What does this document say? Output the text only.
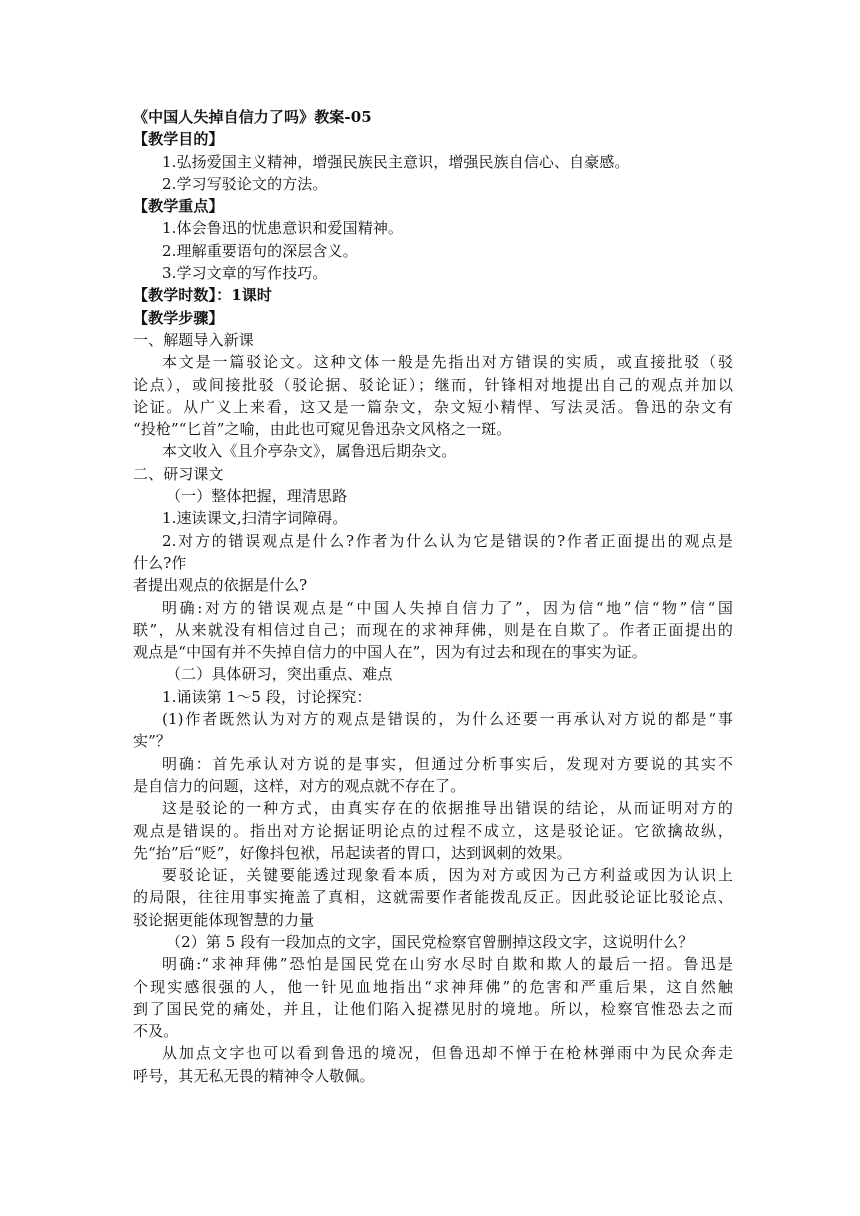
《中国人失掉自信力了吗》教案-05
【教学目的】
1.弘扬爱国主义精神，增强民族民主意识，增强民族自信心、自豪感。
2.学习写驳论文的方法。
【教学重点】
1.体会鲁迅的忧患意识和爱国精神。
2.理解重要语句的深层含义。
3.学习文章的写作技巧。
【教学时数】：1课时
【教学步骤】
一、解题导入新课
本文是一篇驳论文。这种文体一般是先指出对方错误的实质，或直接批驳（驳
论点），或间接批驳（驳论据、驳论证）；继而，针锋相对地提出自己的观点并加以
论证。从广义上来看，这又是一篇杂文，杂文短小精悍、写法灵活。鲁迅的杂文有
“投枪”“匕首”之喻，由此也可窥见鲁迅杂文风格之一斑。
本文收入《且介亭杂文》，属鲁迅后期杂文。
二、研习课文
（一）整体把握，理清思路
1.速读课文,扫清字词障碍。
2.对方的错误观点是什么?作者为什么认为它是错误的?作者正面提出的观点是
什么?作
者提出观点的依据是什么?
明确:对方的错误观点是“中国人失掉自信力了”，因为信“地”信“物”信“国
联”，从来就没有相信过自己；而现在的求神拜佛，则是在自欺了。作者正面提出的
观点是“中国有并不失掉自信力的中国人在”，因为有过去和现在的事实为证。
（二）具体研习，突出重点、难点
1.诵读第 1～5 段，讨论探究：
(1)作者既然认为对方的观点是错误的，为什么还要一再承认对方说的都是“事
实”？
明确：首先承认对方说的是事实，但通过分析事实后，发现对方要说的其实不
是自信力的问题，这样，对方的观点就不存在了。
这是驳论的一种方式，由真实存在的依据推导出错误的结论，从而证明对方的
观点是错误的。指出对方论据证明论点的过程不成立，这是驳论证。它欲擒故纵，
先“抬”后“贬”，好像抖包袱，吊起读者的胃口，达到讽刺的效果。
要驳论证，关键要能透过现象看本质，因为对方或因为己方利益或因为认识上
的局限，往往用事实掩盖了真相，这就需要作者能拨乱反正。因此驳论证比驳论点、
驳论据更能体现智慧的力量
（2）第 5 段有一段加点的文字，国民党检察官曾删掉这段文字，这说明什么？
明确:“求神拜佛”恐怕是国民党在山穷水尽时自欺和欺人的最后一招。鲁迅是
个现实感很强的人，他一针见血地指出“求神拜佛”的危害和严重后果，这自然触
到了国民党的痛处，并且，让他们陷入捉襟见肘的境地。所以，检察官惟恐去之而
不及。
从加点文字也可以看到鲁迅的境况，但鲁迅却不惮于在枪林弹雨中为民众奔走
呼号，其无私无畏的精神令人敬佩。
